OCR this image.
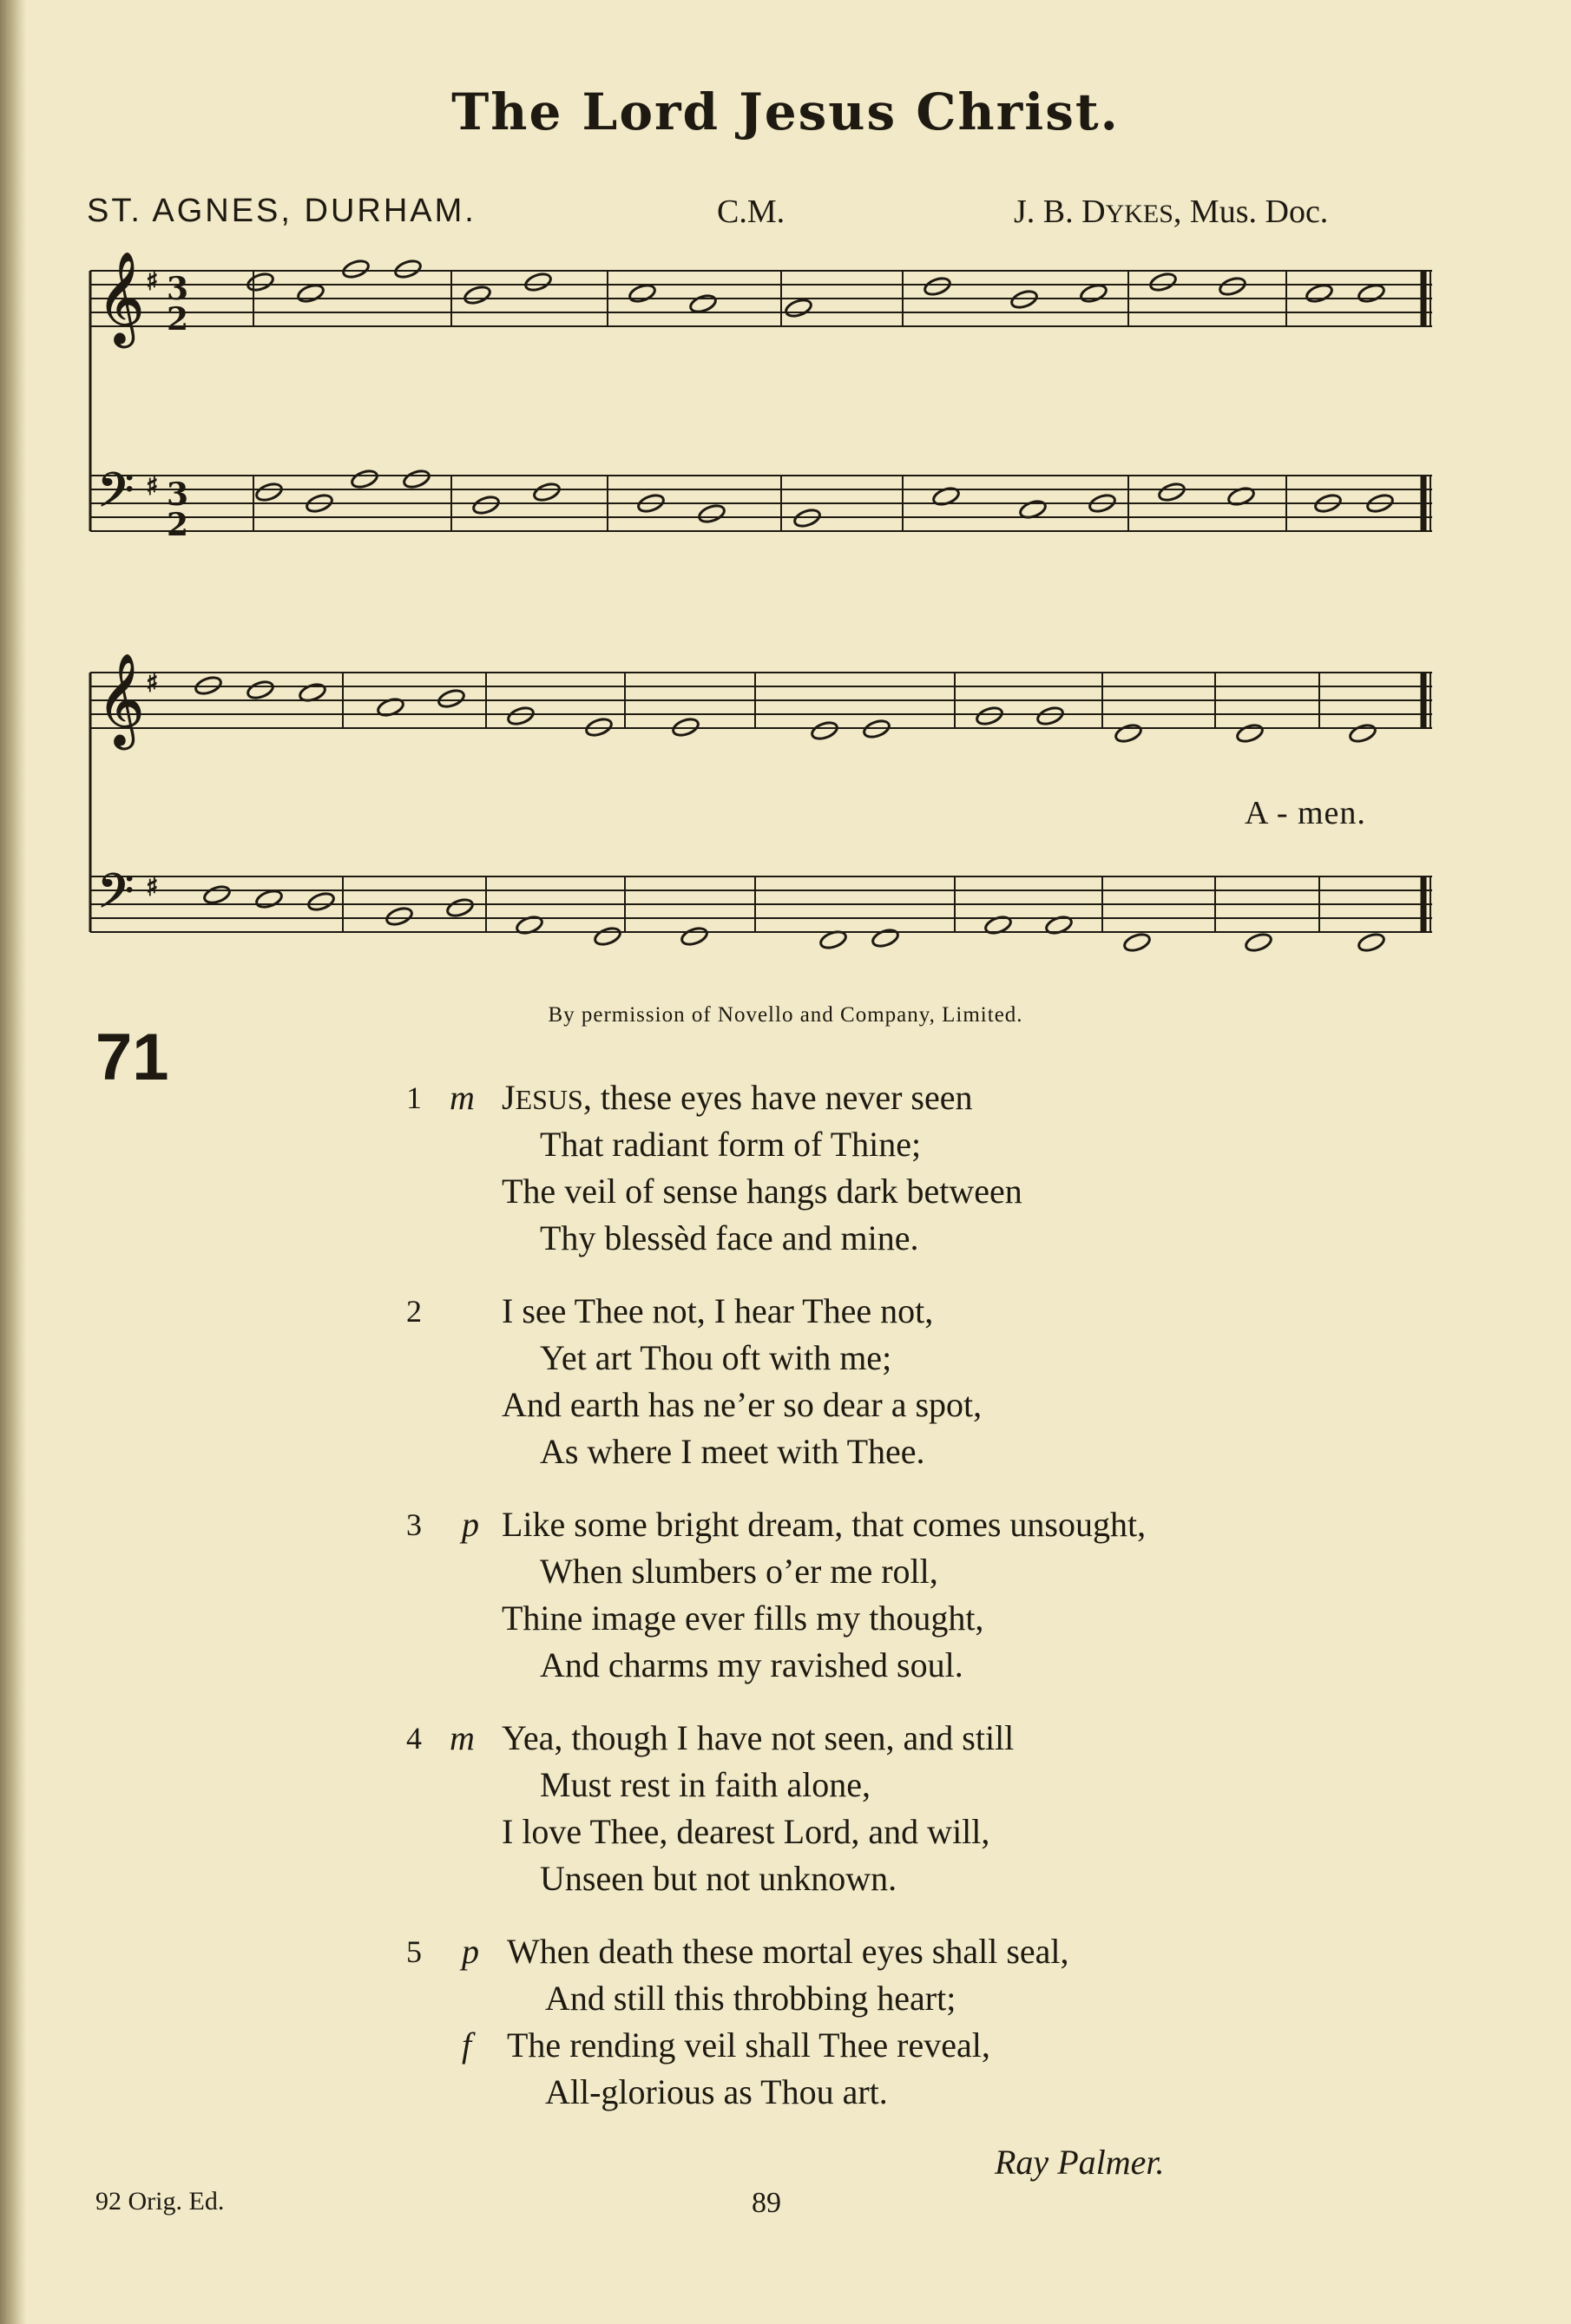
The Lord Jesus Christ.
ST. AGNES, DURHAM.	C.M.	J. B. DYKES, Mus. Doc.
𝄞
𝄢
♯
♯
𝄞
𝄢
♯
♯
3
2
3
2
A - men.
By permission of Novello and Company, Limited.
71
1 m JESUS, these eyes have never seen
That radiant form of Thine;
The veil of sense hangs dark between
Thy blessèd face and mine.
2 I see Thee not, I hear Thee not,
Yet art Thou oft with me;
And earth has ne’er so dear a spot,
As where I meet with Thee.
3 p Like some bright dream, that comes unsought,
When slumbers o’er me roll,
Thine image ever fills my thought,
And charms my ravished soul.
4 m Yea, though I have not seen, and still
Must rest in faith alone,
I love Thee, dearest Lord, and will,
Unseen but not unknown.
5 p When death these mortal eyes shall seal,
And still this throbbing heart;
f The rending veil shall Thee reveal,
All-glorious as Thou art.
Ray Palmer.
92 Orig. Ed.	89
